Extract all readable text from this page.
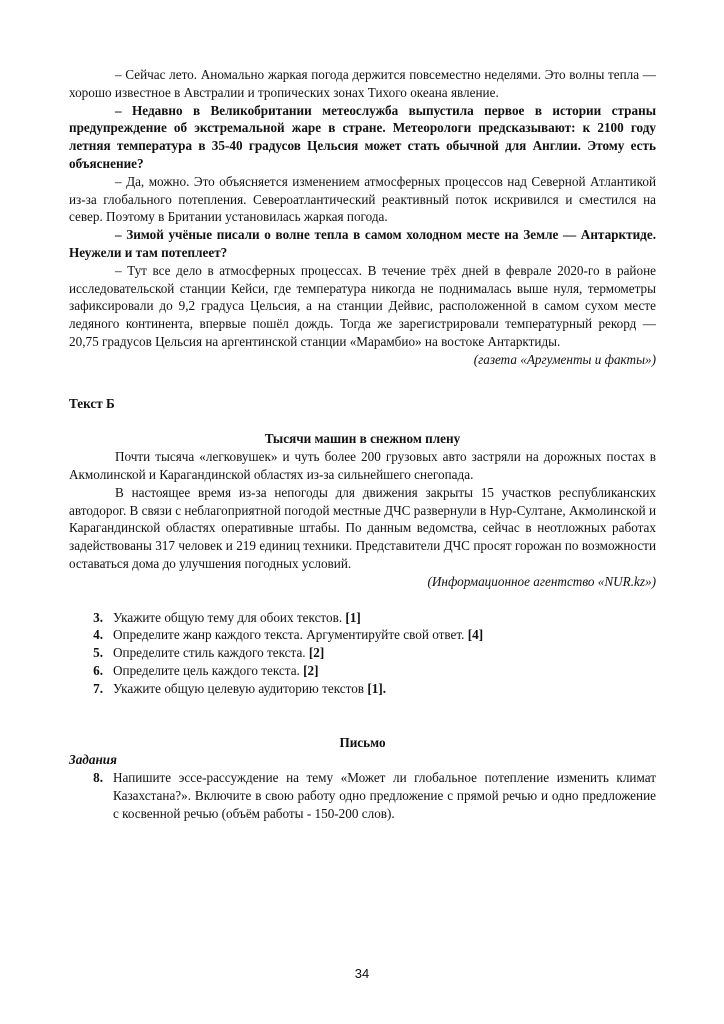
– Сейчас лето. Аномально жаркая погода держится повсеместно неделями. Это волны тепла — хорошо известное в Австралии и тропических зонах Тихого океана явление.

– Недавно в Великобритании метеослужба выпустила первое в истории страны предупреждение об экстремальной жаре в стране. Метеорологи предсказывают: к 2100 году летняя температура в 35-40 градусов Цельсия может стать обычной для Англии. Этому есть объяснение?

– Да, можно. Это объясняется изменением атмосферных процессов над Северной Атлантикой из-за глобального потепления. Североатлантический реактивный поток искривился и сместился на север. Поэтому в Британии установилась жаркая погода.

– Зимой учёные писали о волне тепла в самом холодном месте на Земле — Антарктиде. Неужели и там потеплеет?

– Тут все дело в атмосферных процессах. В течение трёх дней в феврале 2020-го в районе исследовательской станции Кейси, где температура никогда не поднималась выше нуля, термометры зафиксировали до 9,2 градуса Цельсия, а на станции Дейвис, расположенной в самом сухом месте ледяного континента, впервые пошёл дождь. Тогда же зарегистрировали температурный рекорд — 20,75 градусов Цельсия на аргентинской станции «Марамбио» на востоке Антарктиды.

(газета «Аргументы и факты»)
Текст Б
Тысячи машин в снежном плену

Почти тысяча «легковушек» и чуть более 200 грузовых авто застряли на дорожных постах в Акмолинской и Карагандинской областях из-за сильнейшего снегопада.

В настоящее время из-за непогоды для движения закрыты 15 участков республиканских автодорог. В связи с неблагоприятной погодой местные ДЧС развернули в Нур-Султане, Акмолинской и Карагандинской областях оперативные штабы. По данным ведомства, сейчас в неотложных работах задействованы 317 человек и 219 единиц техники. Представители ДЧС просят горожан по возможности оставаться дома до улучшения погодных условий.

(Информационное агентство «NUR.kz»)
3. Укажите общую тему для обоих текстов. [1]
4. Определите жанр каждого текста. Аргументируйте свой ответ. [4]
5. Определите стиль каждого текста. [2]
6. Определите цель каждого текста. [2]
7. Укажите общую целевую аудиторию текстов [1].
Письмо
Задания
8. Напишите эссе-рассуждение на тему «Может ли глобальное потепление изменить климат Казахстана?». Включите в свою работу одно предложение с прямой речью и одно предложение с косвенной речью (объём работы - 150-200 слов).
34
